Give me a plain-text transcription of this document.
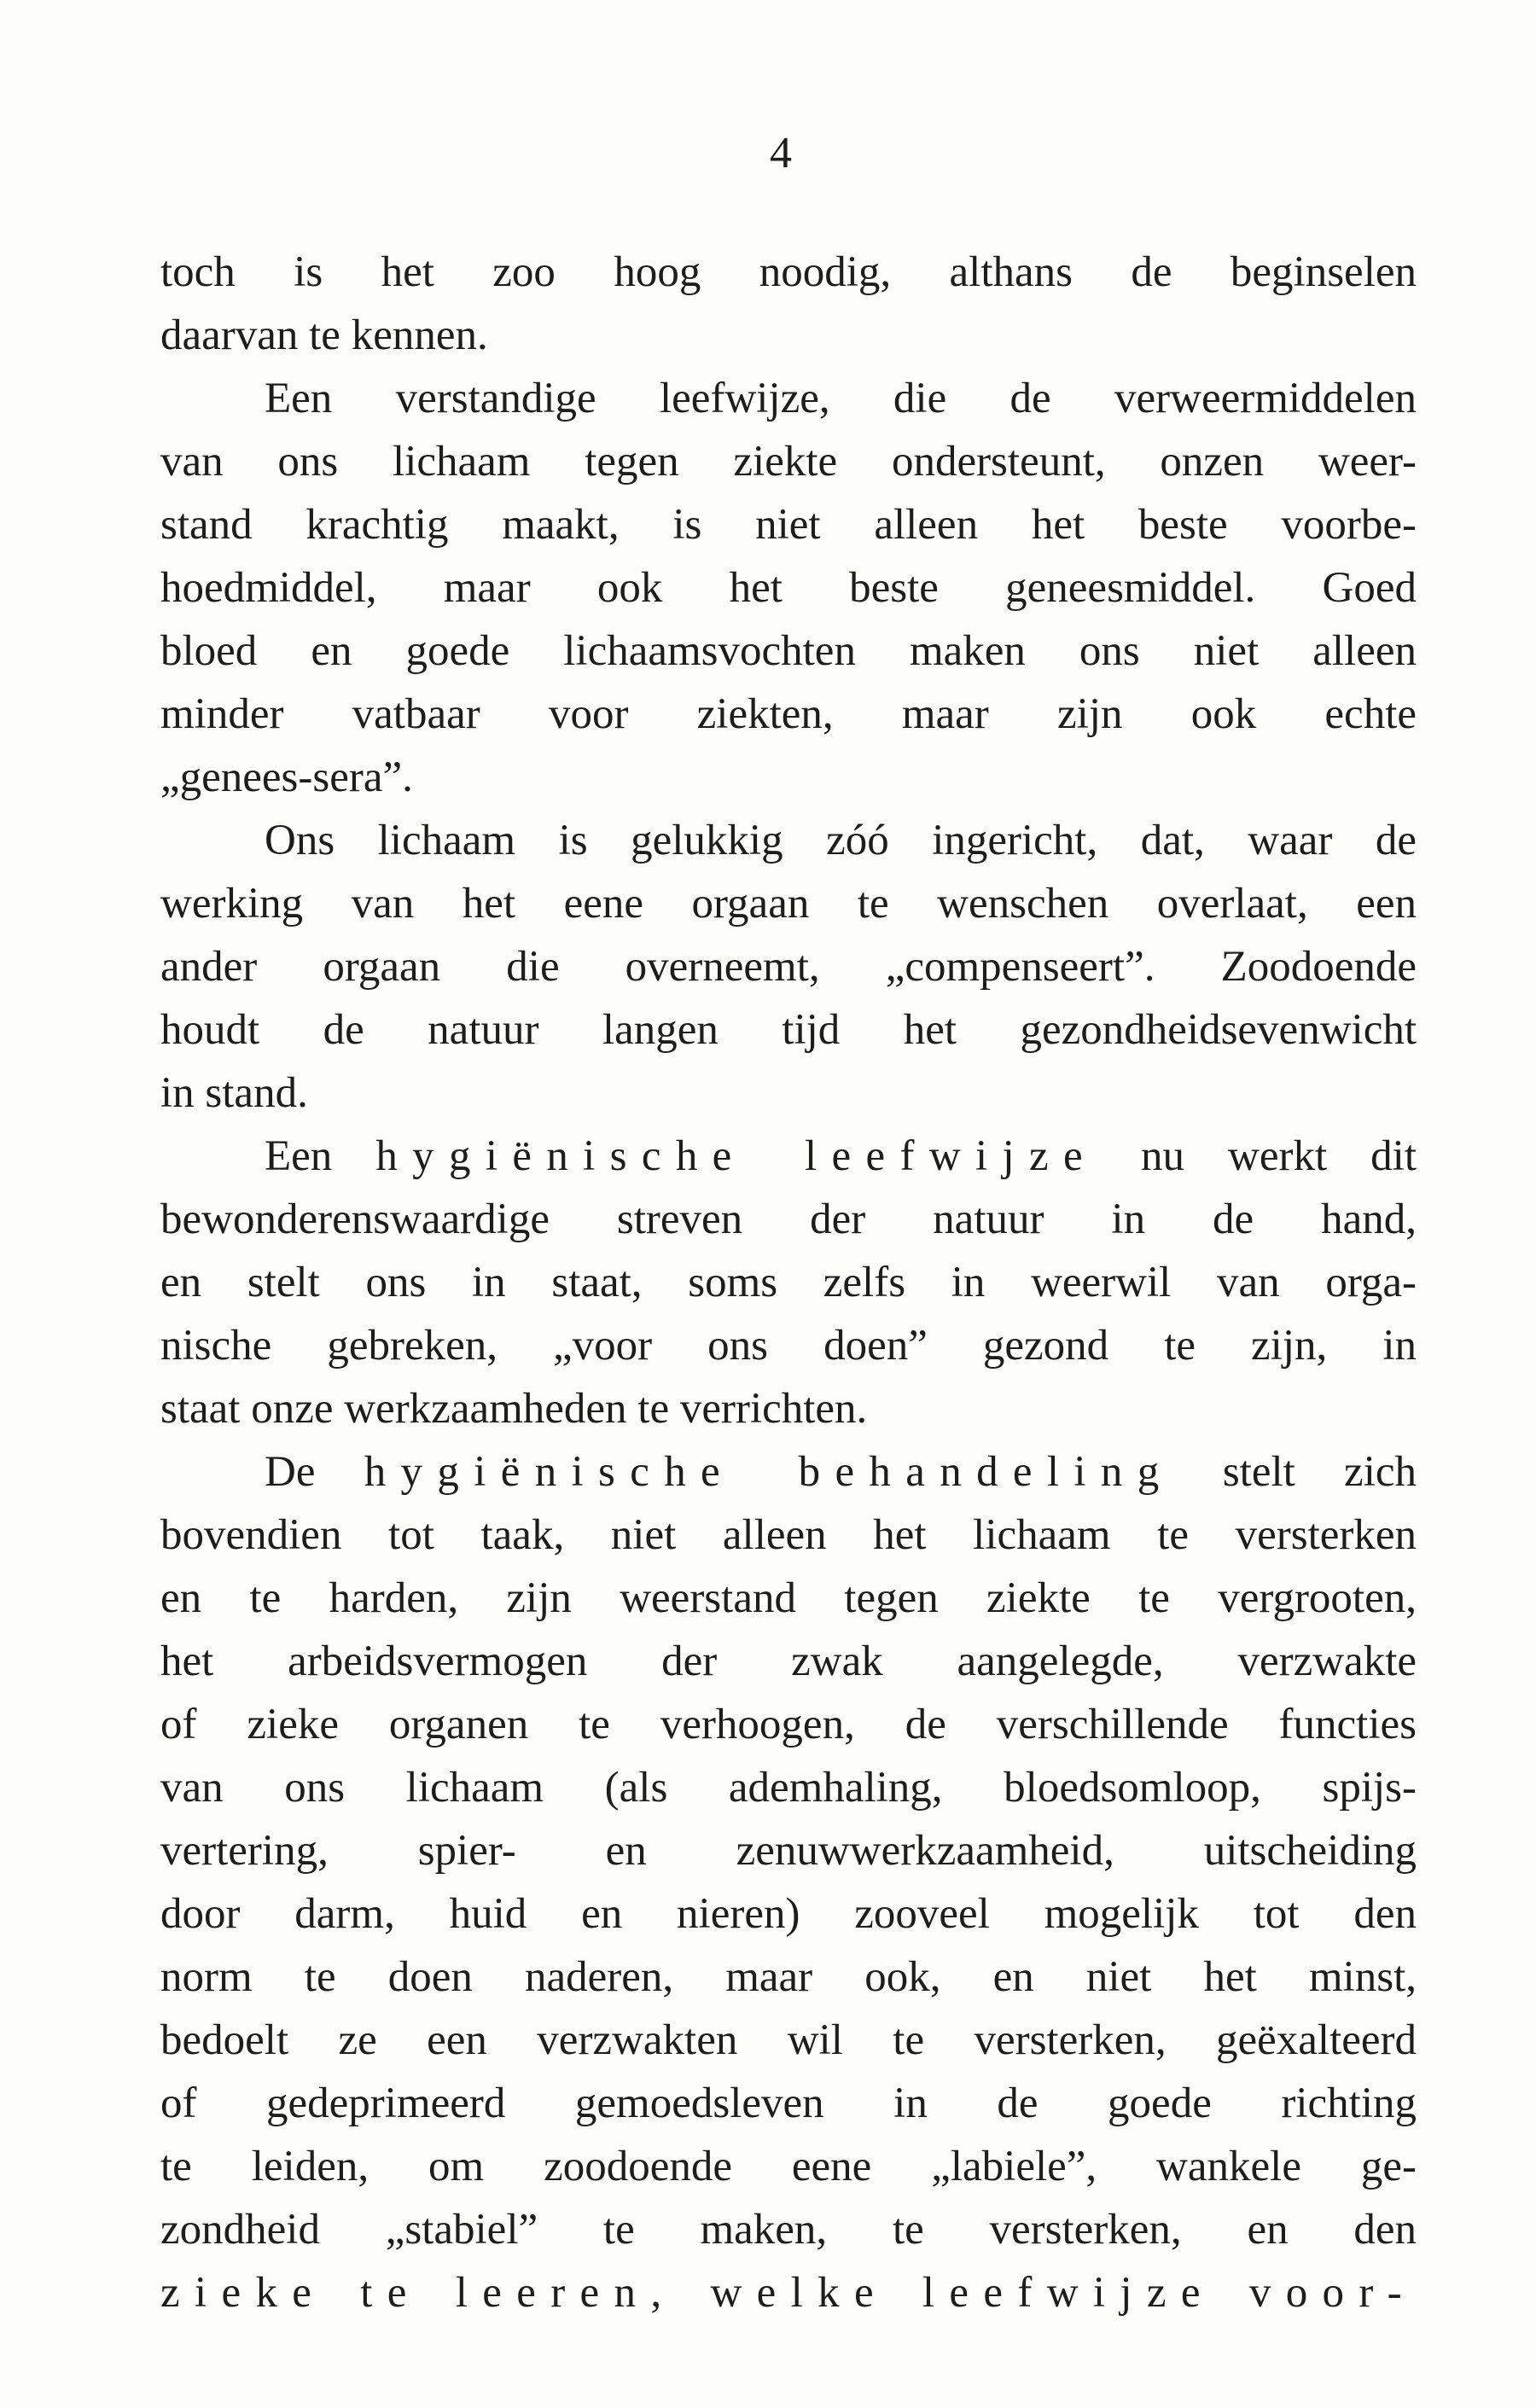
4
toch is het zoo hoog noodig, althans de beginselen
daarvan te kennen.
Een verstandige leefwijze, die de verweermiddelen
van ons lichaam tegen ziekte ondersteunt, onzen weer-
stand krachtig maakt, is niet alleen het beste voorbe-
hoedmiddel, maar ook het beste geneesmiddel. Goed
bloed en goede lichaamsvochten maken ons niet alleen
minder vatbaar voor ziekten, maar zijn ook echte
„genees-sera”.
Ons lichaam is gelukkig zóó ingericht, dat, waar de
werking van het eene orgaan te wenschen overlaat, een
ander orgaan die overneemt, „compenseert”. Zoodoende
houdt de natuur langen tijd het gezondheidsevenwicht
in stand.
Een hygiënische leefwijze nu werkt dit
bewonderenswaardige streven der natuur in de hand,
en stelt ons in staat, soms zelfs in weerwil van orga-
nische gebreken, „voor ons doen” gezond te zijn, in
staat onze werkzaamheden te verrichten.
De hygiënische behandeling stelt zich
bovendien tot taak, niet alleen het lichaam te versterken
en te harden, zijn weerstand tegen ziekte te vergrooten,
het arbeidsvermogen der zwak aangelegde, verzwakte
of zieke organen te verhoogen, de verschillende functies
van ons lichaam (als ademhaling, bloedsomloop, spijs-
vertering, spier- en zenuwwerkzaamheid, uitscheiding
door darm, huid en nieren) zooveel mogelijk tot den
norm te doen naderen, maar ook, en niet het minst,
bedoelt ze een verzwakten wil te versterken, geëxalteerd
of gedeprimeerd gemoedsleven in de goede richting
te leiden, om zoodoende eene „labiele”, wankele ge-
zondheid „stabiel” te maken, te versterken, en den
zieke te leeren, welke leefwijze voor-
